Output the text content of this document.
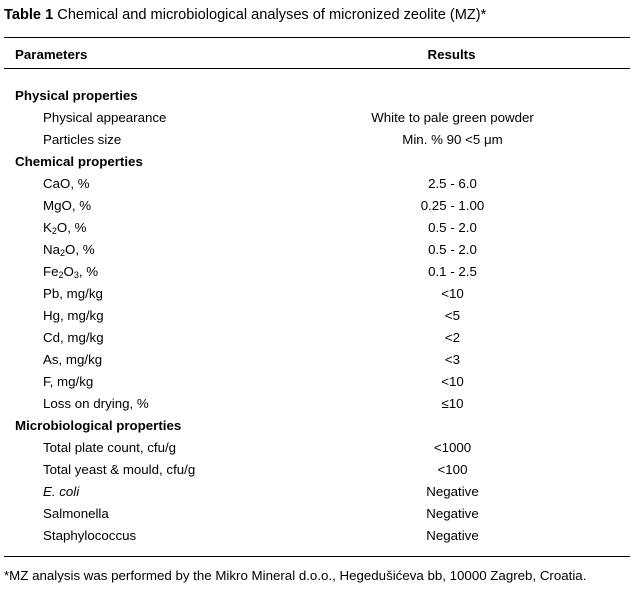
Table 1 Chemical and microbiological analyses of micronized zeolite (MZ)*
Parameters	Results
Physical properties
Physical appearance	White to pale green powder
Particles size	Min. % 90 <5 μm
Chemical properties
CaO, %	2.5 - 6.0
MgO, %	0.25 - 1.00
$K_2O$, %	0.5 - 2.0
$Na_2O$, %	0.5 - 2.0
$Fe_2O_3$, %	0.1 - 2.5
Pb, mg/kg	<10
Hg, mg/kg	<5
Cd, mg/kg	<2
As, mg/kg	<3
F, mg/kg	<10
Loss on drying, %	≤10
Microbiological properties
Total plate count, cfu/g	<1000
Total yeast & mould, cfu/g	<100
E. coli	Negative
Salmonella	Negative
Staphylococcus	Negative
*MZ analysis was performed by the Mikro Mineral d.o.o., Hegedušićeva bb, 10000 Zagreb, Croatia.
